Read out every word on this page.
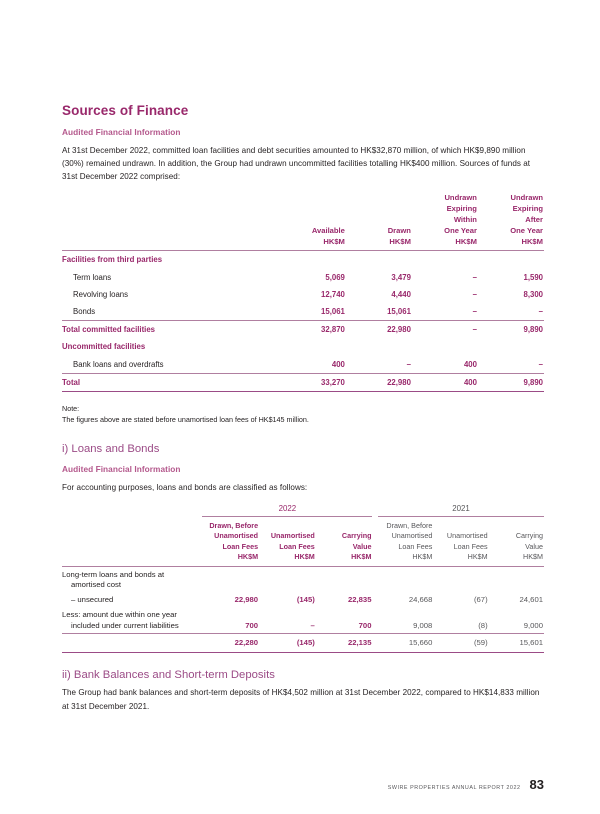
Sources of Finance
Audited Financial Information

At 31st December 2022, committed loan facilities and debt securities amounted to HK$32,870 million, of which HK$9,890 million (30%) remained undrawn. In addition, the Group had undrawn uncommitted facilities totalling HK$400 million. Sources of funds at 31st December 2022 comprised:

	Available
HK$M	Drawn
HK$M	Undrawn
Expiring
Within
One Year
HK$M	Undrawn
Expiring
After
One Year
HK$M
Facilities from third parties				
Term loans	5,069	3,479	–	1,590
Revolving loans	12,740	4,440	–	8,300
Bonds	15,061	15,061	–	–
Total committed facilities	32,870	22,980	–	9,890
Uncommitted facilities				
Bank loans and overdrafts	400	–	400	–
Total	33,270	22,980	400	9,890

Note:

The figures above are stated before unamortised loan fees of HK$145 million.

i) Loans and Bonds
Audited Financial Information

For accounting purposes, loans and bonds are classified as follows:

	2022				2021		

	Drawn, Before
Unamortised
Loan Fees
HK$M	Unamortised
Loan Fees
HK$M	Carrying
Value
HK$M		Drawn, Before
Unamortised
Loan Fees
HK$M	Unamortised
Loan Fees
HK$M	Carrying
Value
HK$M
Long-term loans and bonds at
amortised cost							
– unsecured	22,980	(145)	22,835		24,668	(67)	24,601
Less: amount due within one year
included under current liabilities	700	–	700		9,008	(8)	9,000
	22,280	(145)	22,135		15,660	(59)	15,601
ii) Bank Balances and Short-term Deposits

The Group had bank balances and short-term deposits of HK$4,502 million at 31st December 2022, compared to HK$14,833 million at 31st December 2021.

SWIRE PROPERTIES ANNUAL REPORT 2022 83
